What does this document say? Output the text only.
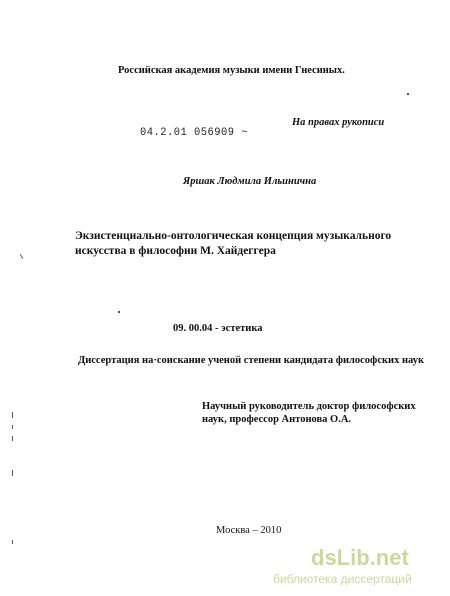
Российская академия музыки имени Гнесиных.
На правах рукописи
04.2.01 056909 ~
Яршак Людмила Ильинична
Экзистенциально-онтологическая концепция музыкального
искусства в философии М. Хайдеггера
09. 00.04 - эстетика
Диссертация на·соискание ученой степени кандидата философских наук
Научный руководитель доктор философских
наук, профессор Антонова О.А.
Москва – 2010
dsLib.net
библиотека диссертаций
